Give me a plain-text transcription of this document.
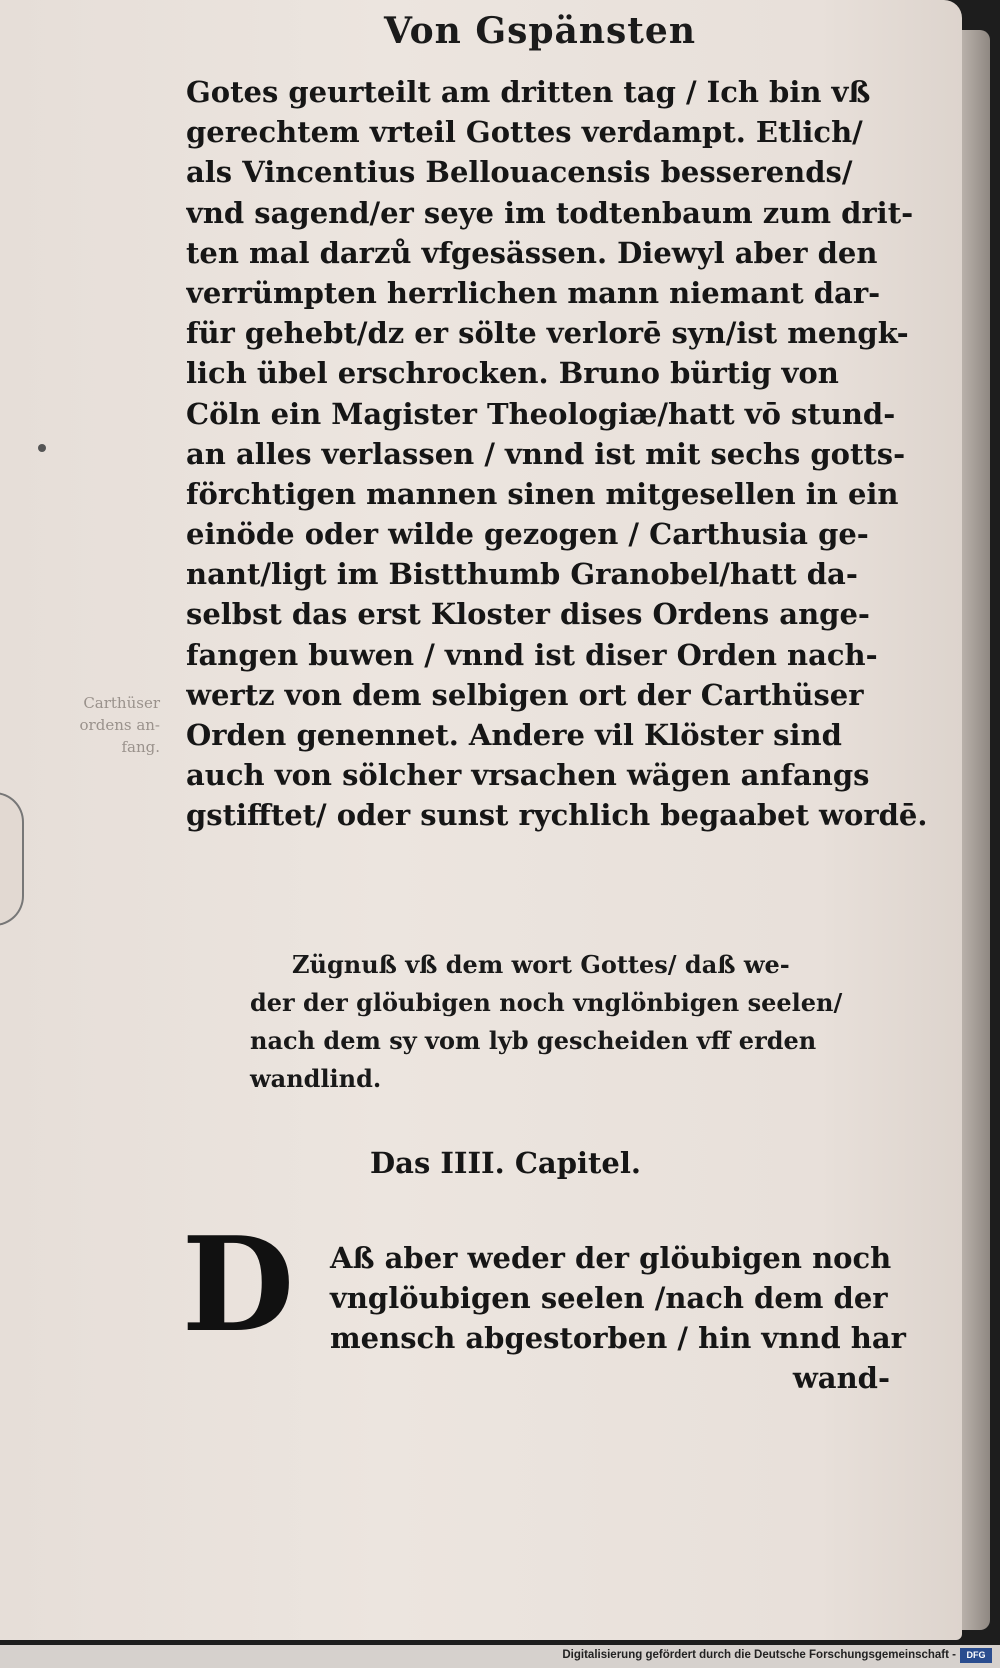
Von Gspänsten
Gotes geurteilt am dritten tag / Ich bin vß
gerechtem vrteil Gottes verdampt. Etlich/
als Vincentius Bellouacensis besserends/
vnd sagend/er seye im todtenbaum zum drit-
ten mal darzů vfgesässen. Diewyl aber den
verrümpten herrlichen mann niemant dar-
für gehebt/dz er sölte verlorē syn/ist mengk-
lich übel erschrocken. Bruno bürtig von
Cöln ein Magister Theologiæ/hatt vō stund-
an alles verlassen / vnnd ist mit sechs gotts-
förchtigen mannen sinen mitgesellen in ein
einöde oder wilde gezogen / Carthusia ge-
nant/ligt im Bistthumb Granobel/hatt da-
selbst das erst Kloster dises Ordens ange-
fangen buwen / vnnd ist diser Orden nach-
wertz von dem selbigen ort der Carthüser
Orden genennet. Andere vil Klöster sind
auch von sölcher vrsachen wägen anfangs
gstifftet/ oder sunst rychlich begaabet wordē.
Carthüser
ordens an-
fang.
Zügnuß vß dem wort Gottes/ daß we-
der der glöubigen noch vnglönbigen seelen/
nach dem sy vom lyb gescheiden vff erden
wandlind.
Das IIII. Capitel.
D	Aß aber weder der glöubigen noch
vnglöubigen seelen /nach dem der
mensch abgestorben / hin vnnd har
wand-
Digitalisierung gefördert durch die Deutsche Forschungsgemeinschaft -	DFG
